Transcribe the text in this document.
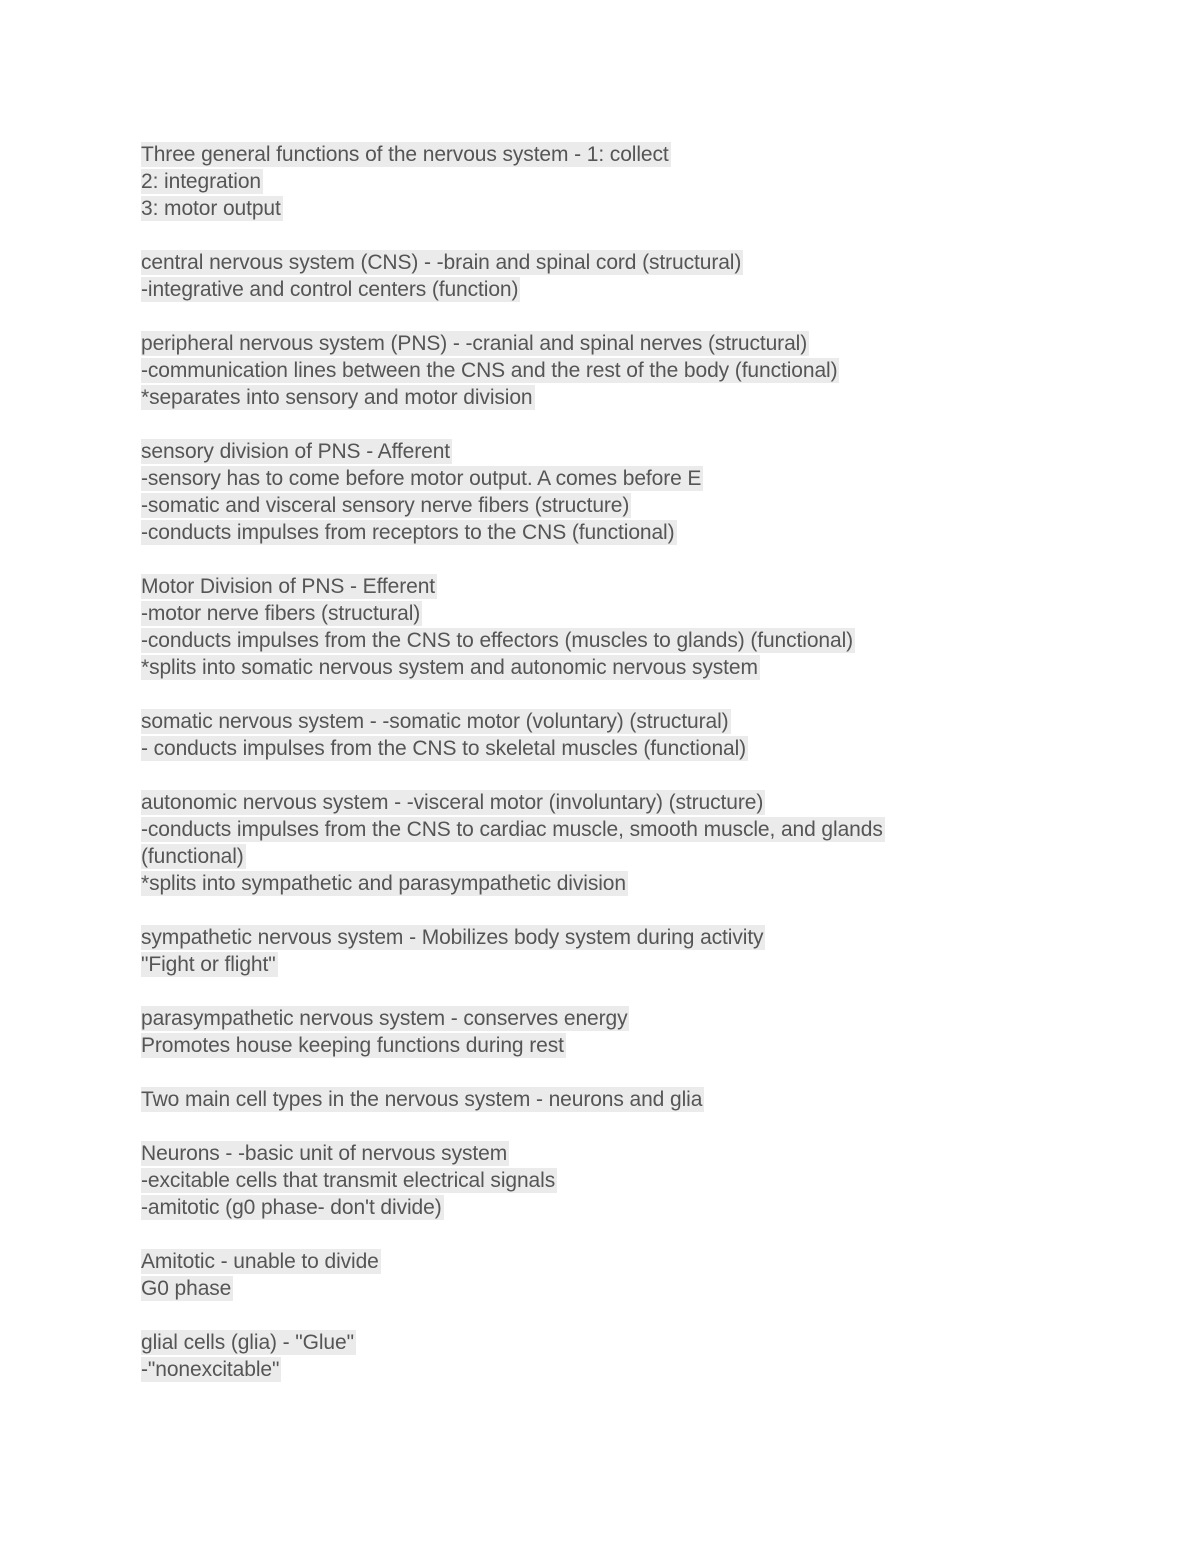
Three general functions of the nervous system - 1: collect
2: integration
3: motor output
central nervous system (CNS) - -brain and spinal cord (structural)
-integrative and control centers (function)
peripheral nervous system (PNS) - -cranial and spinal nerves (structural)
-communication lines between the CNS and the rest of the body (functional)
*separates into sensory and motor division
sensory division of PNS - Afferent
-sensory has to come before motor output. A comes before E
-somatic and visceral sensory nerve fibers (structure)
-conducts impulses from receptors to the CNS (functional)
Motor Division of PNS - Efferent
-motor nerve fibers (structural)
-conducts impulses from the CNS to effectors (muscles to glands) (functional)
*splits into somatic nervous system and autonomic nervous system
somatic nervous system - -somatic motor (voluntary) (structural)
- conducts impulses from the CNS to skeletal muscles (functional)
autonomic nervous system - -visceral motor (involuntary) (structure)
-conducts impulses from the CNS to cardiac muscle, smooth muscle, and glands
(functional)
*splits into sympathetic and parasympathetic division
sympathetic nervous system - Mobilizes body system during activity
"Fight or flight"
parasympathetic nervous system - conserves energy
Promotes house keeping functions during rest
Two main cell types in the nervous system - neurons and glia
Neurons - -basic unit of nervous system
-excitable cells that transmit electrical signals
-amitotic (g0 phase- don't divide)
Amitotic - unable to divide
G0 phase
glial cells (glia) - "Glue"
-"nonexcitable"
